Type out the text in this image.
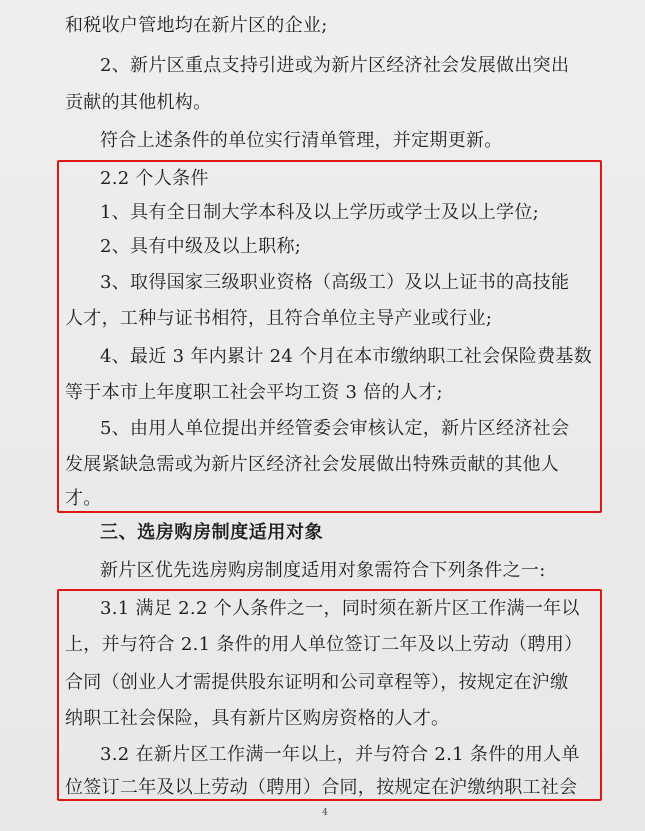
和税收户管地均在新片区的企业;
2、新片区重点支持引进或为新片区经济社会发展做出突出
贡献的其他机构。
符合上述条件的单位实行清单管理，并定期更新。
2.2 个人条件
1、具有全日制大学本科及以上学历或学士及以上学位;
2、具有中级及以上职称;
3、取得国家三级职业资格（高级工）及以上证书的高技能
人才，工种与证书相符，且符合单位主导产业或行业;
4、最近 3 年内累计 24 个月在本市缴纳职工社会保险费基数
等于本市上年度职工社会平均工资 3 倍的人才;
5、由用人单位提出并经管委会审核认定，新片区经济社会
发展紧缺急需或为新片区经济社会发展做出特殊贡献的其他人
才。
三、选房购房制度适用对象
新片区优先选房购房制度适用对象需符合下列条件之一:
3.1 满足 2.2 个人条件之一，同时须在新片区工作满一年以
上，并与符合 2.1 条件的用人单位签订二年及以上劳动（聘用）
合同（创业人才需提供股东证明和公司章程等），按规定在沪缴
纳职工社会保险，具有新片区购房资格的人才。
3.2 在新片区工作满一年以上，并与符合 2.1 条件的用人单
位签订二年及以上劳动（聘用）合同，按规定在沪缴纳职工社会
4
